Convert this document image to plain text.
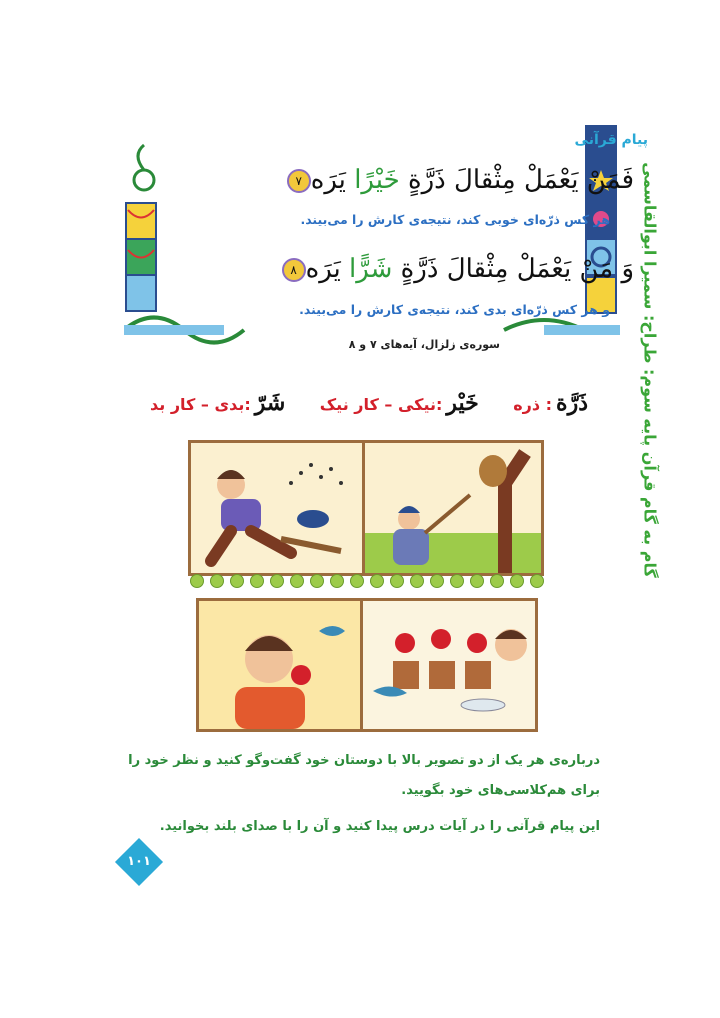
پیام قرآنی
فَمَنْ يَعْمَلْ مِثْقالَ ذَرَّةٍ خَيْرًا يَرَه۷
هر کس ذرّه‌ای خوبی کند، نتیجه‌ی کارش را می‌بیند.
وَ مَنْ يَعْمَلْ مِثْقالَ ذَرَّةٍ شَرًّا يَرَه۸
و هر کس ذرّه‌ای بدی کند، نتیجه‌ی کارش را می‌بیند.
سوره‌ی زلزال، آیه‌های ۷ و ۸
ذَرَّة: ذره
خَيْر:نیکی – کار نیک
شَرّ:بدی – کار بد	گام به گام قرآن پایه سوم: طراح: سمیرا ابوالقاسمی
درباره‌ی هر یک از دو تصویر بالا با دوستان خود گفت‌وگو کنید و نظر خود را برای هم‌کلاسی‌های خود بگویید.
این پیام قرآنی را در آیات درس پیدا کنید و آن را با صدای بلند بخوانید.
۱۰۱
